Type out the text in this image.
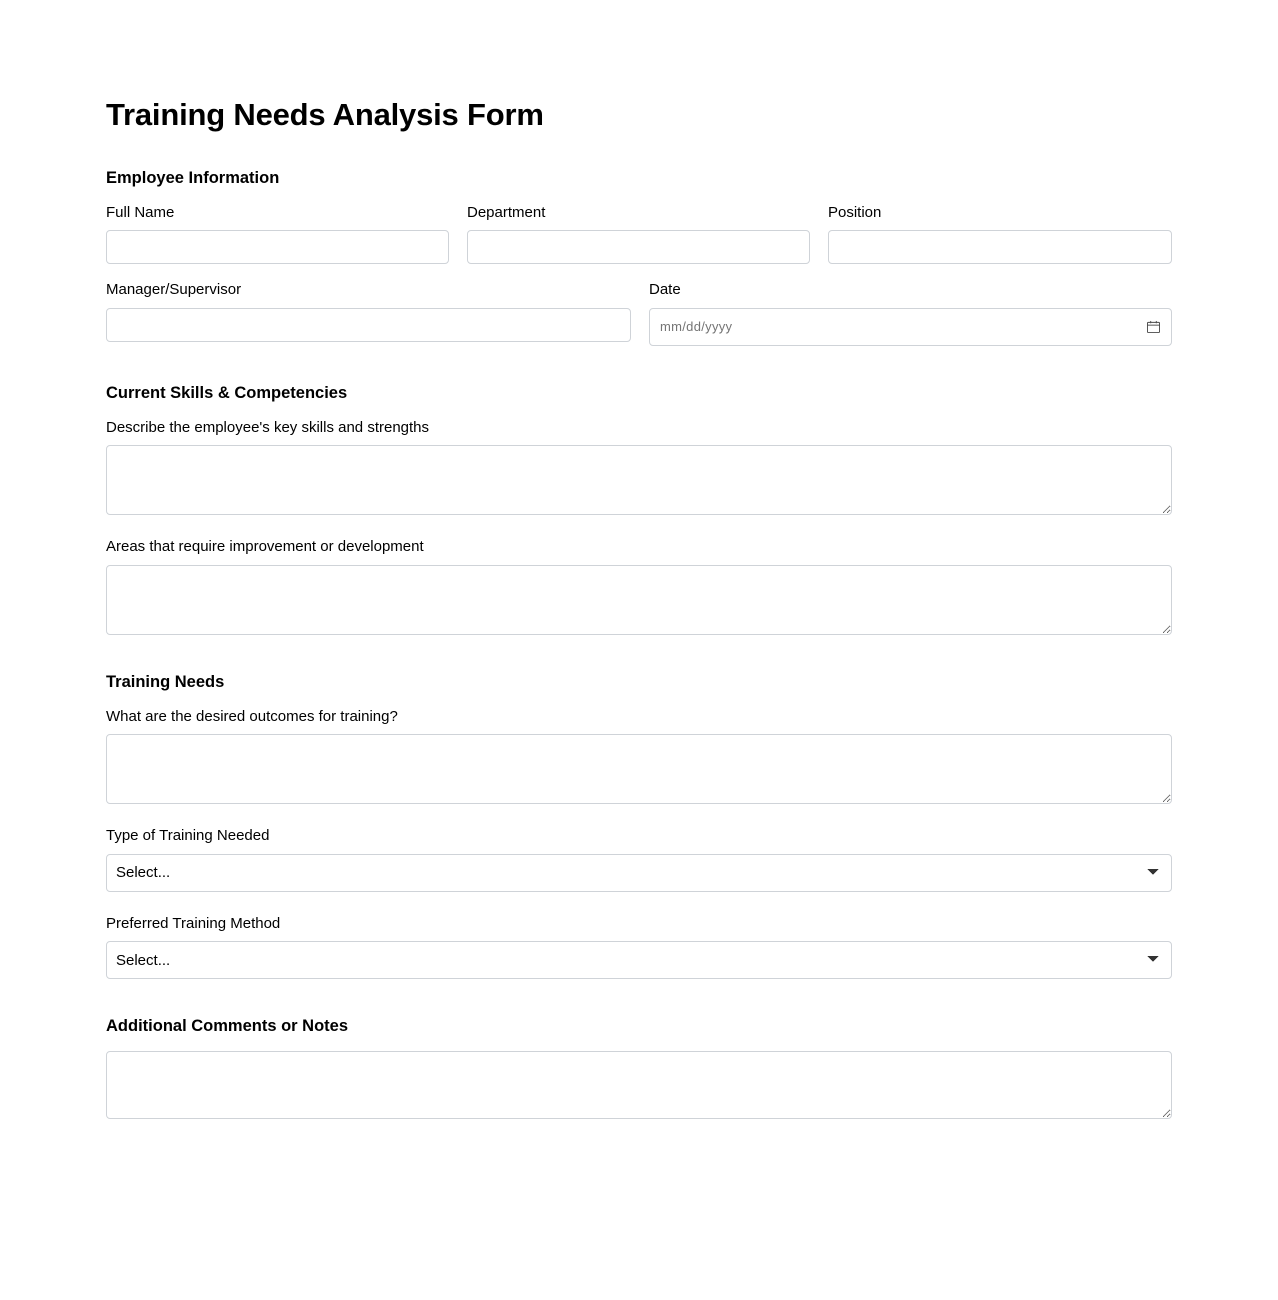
Training Needs Analysis Form
Employee Information
Full Name	Department	Position
Manager/Supervisor	Date
mm/dd/yyyy
Current Skills & Competencies
Describe the employee's key skills and strengths
Areas that require improvement or development
Training Needs
What are the desired outcomes for training?
Type of Training Needed
Select...
Preferred Training Method
Select...
Additional Comments or Notes
